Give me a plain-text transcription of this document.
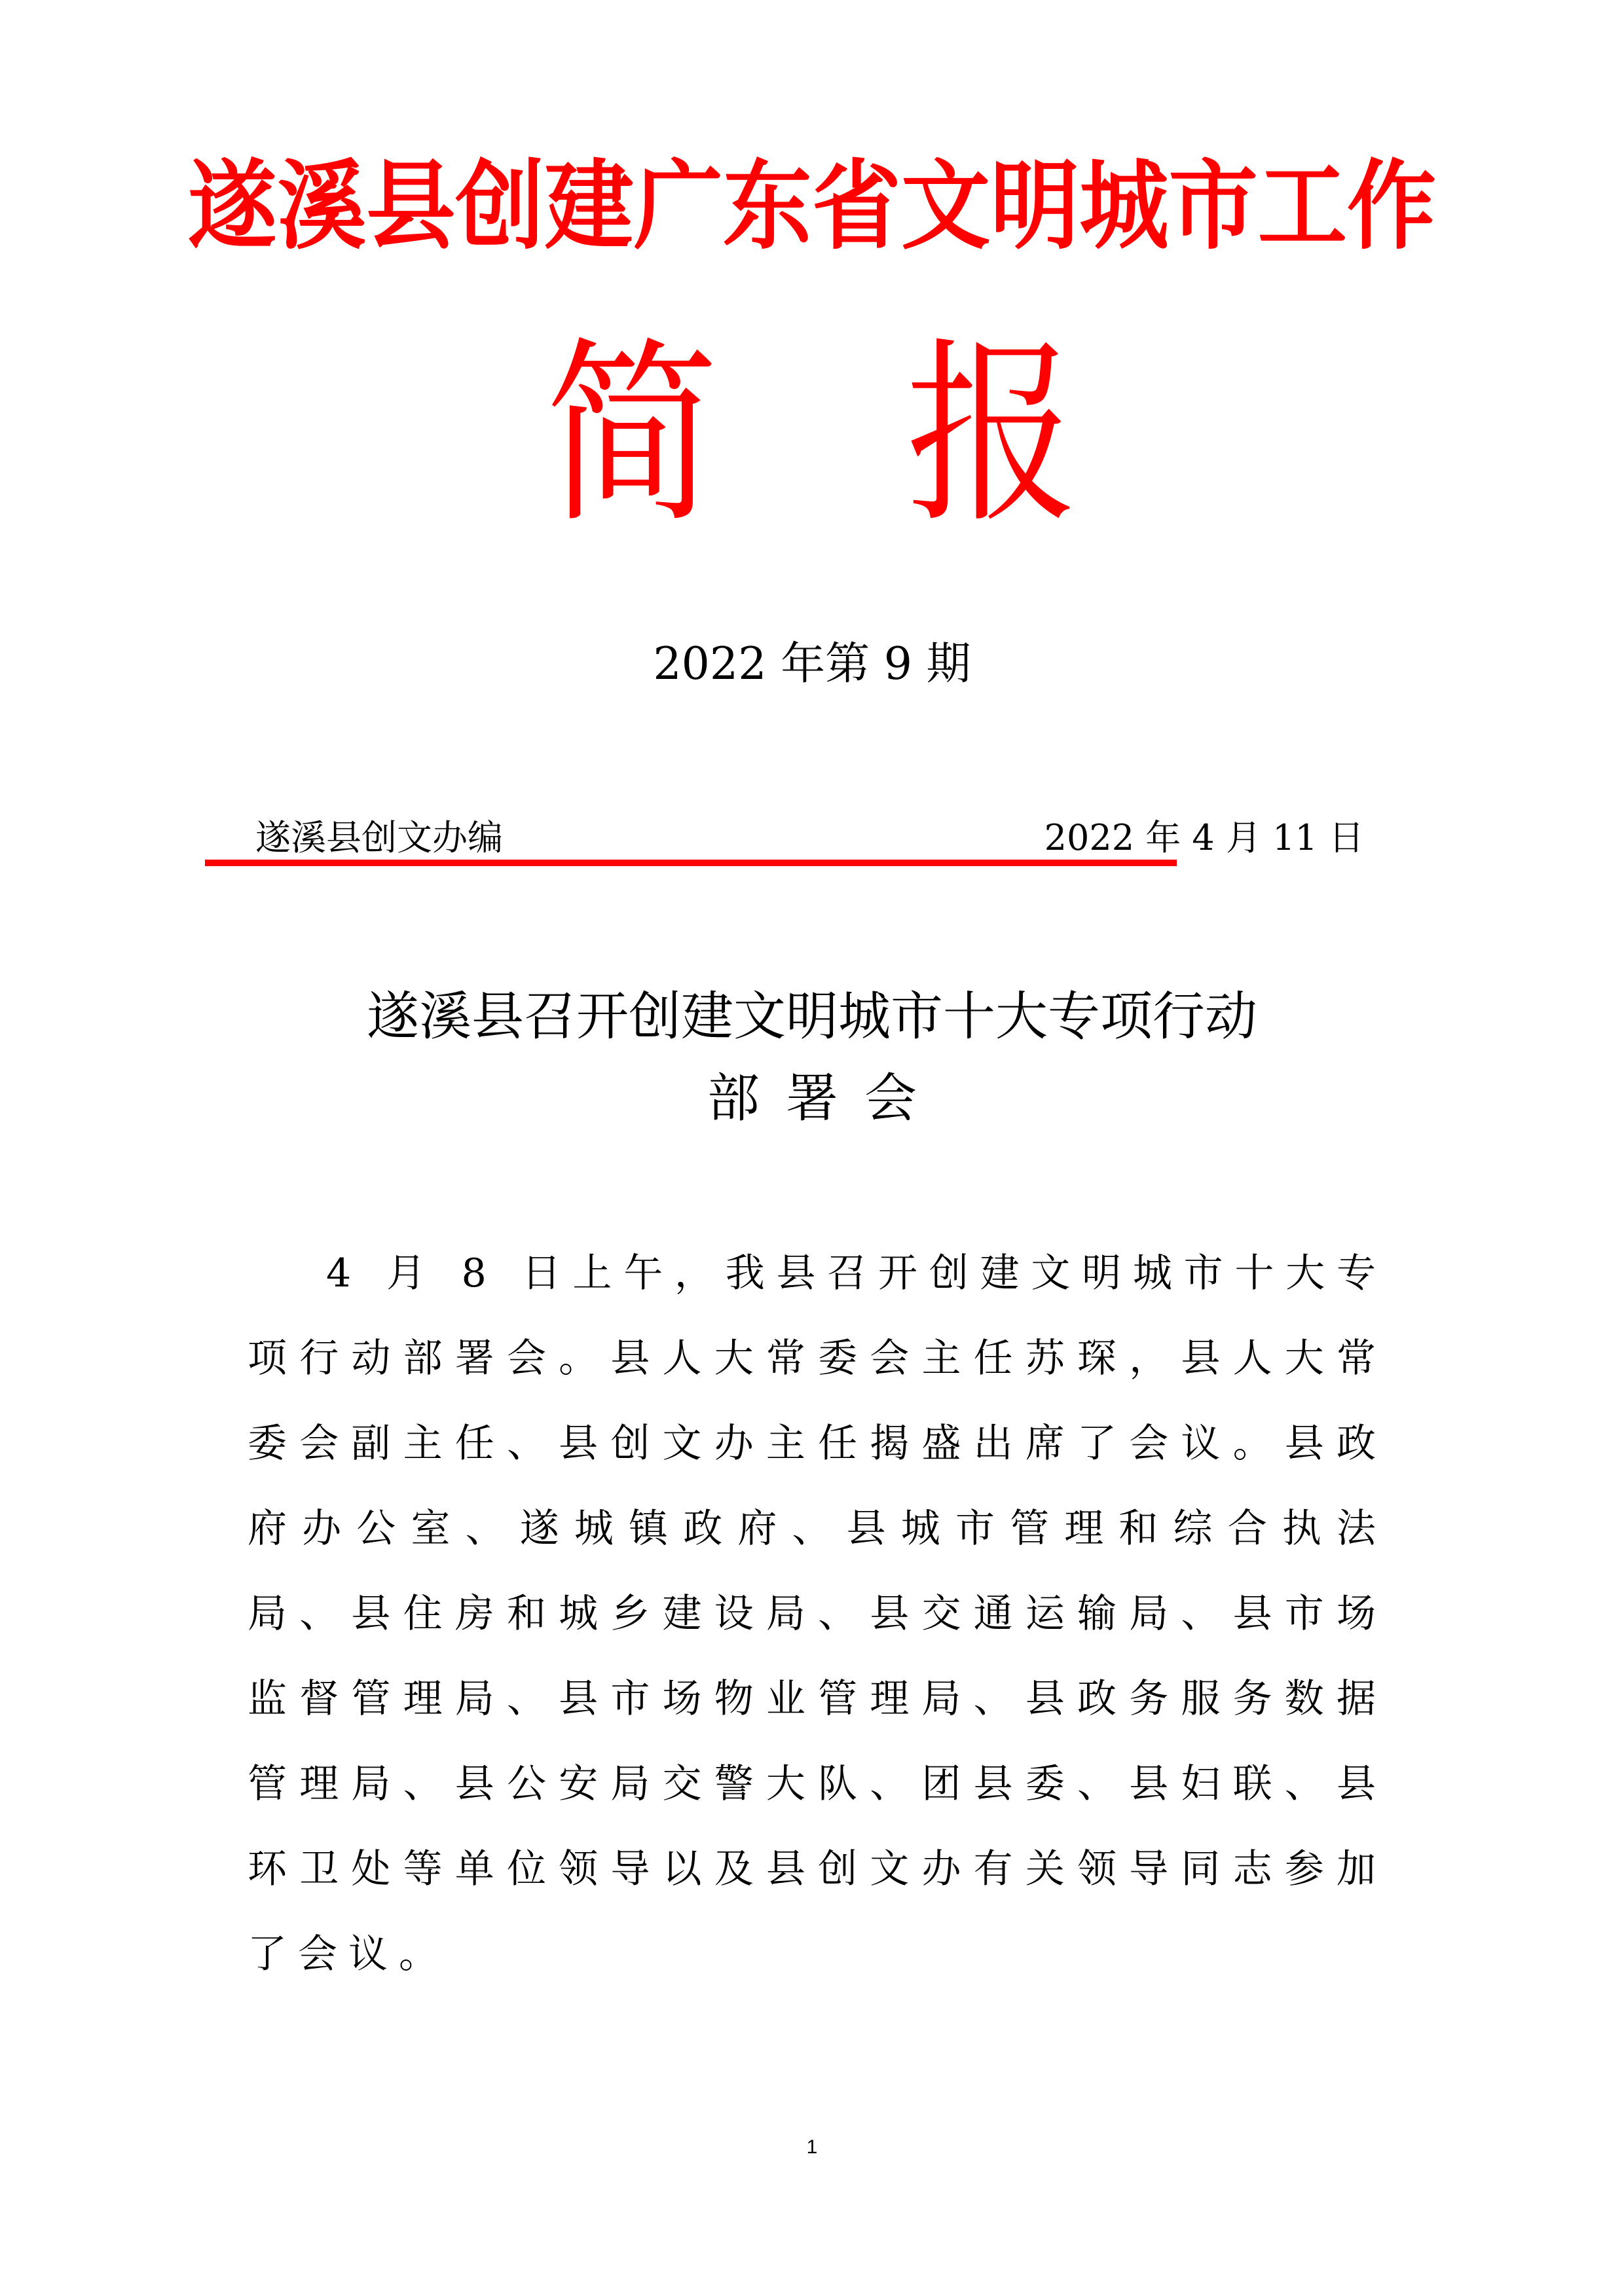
遂溪县创建广东省文明城市工作
简 报
2022 年第 9 期
遂溪县创文办编	2022 年 4 月 11 日
遂溪县召开创建文明城市十大专项行动
部署会
4 月 8 日上午，我县召开创建文明城市十大专项行动部署会。县人大常委会主任苏琛，县人大常委会副主任、县创文办主任揭盛出席了会议。县政府办公室、遂城镇政府、县城市管理和综合执法局、县住房和城乡建设局、县交通运输局、县市场监督管理局、县市场物业管理局、县政务服务数据管理局、县公安局交警大队、团县委、县妇联、县环卫处等单位领导以及县创文办有关领导同志参加了会议。
1
